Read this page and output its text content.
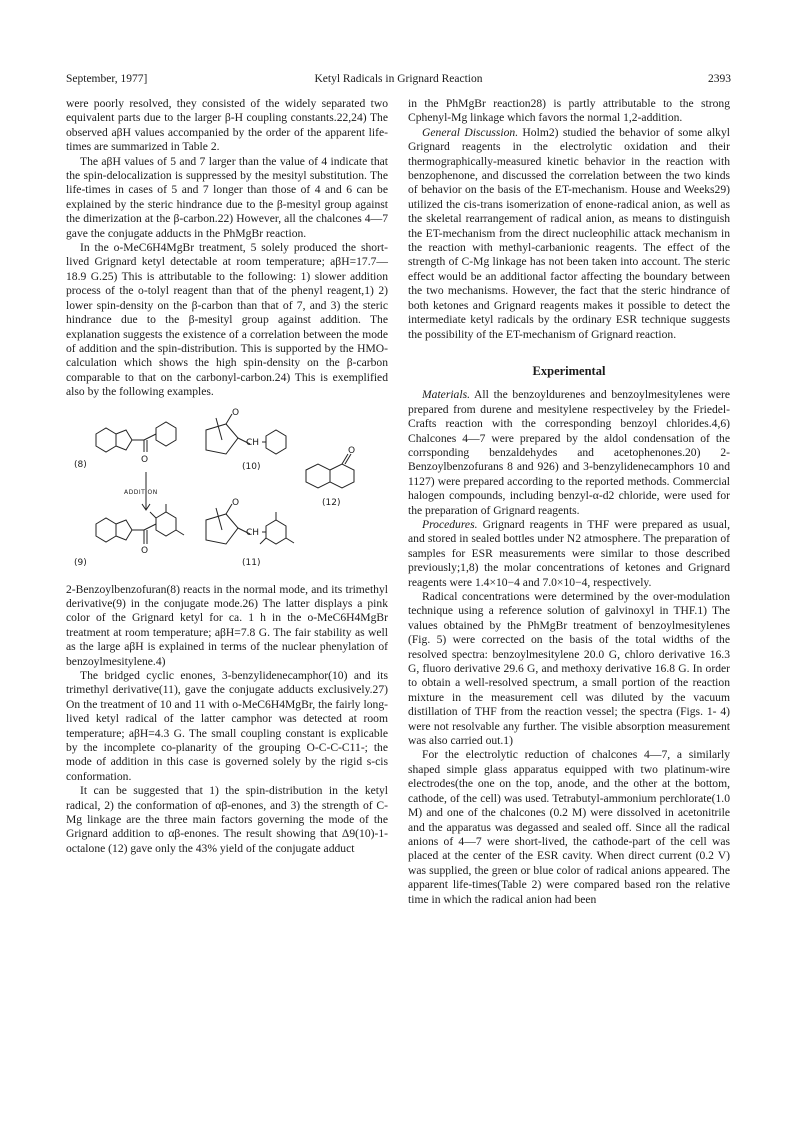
September, 1977]	Ketyl Radicals in Grignard Reaction	2393

were poorly resolved, they consisted of the widely separated two equivalent parts due to the larger β-H coupling constants.22,24) The observed aβH values accompanied by the order of the apparent life-times are summarized in Table 2.

The aβH values of 5 and 7 larger than the value of 4 indicate that the spin-delocalization is suppressed by the mesityl substitution. The life-times in cases of 5 and 7 longer than those of 4 and 6 can be explained by the steric hindrance due to the β-mesityl group against the dimerization at the β-carbon.22) However, all the chalcones 4—7 gave the conjugate adducts in the PhMgBr reaction.

In the o-MeC6H4MgBr treatment, 5 solely produced the short-lived Grignard ketyl detectable at room temperature; aβH=17.7—18.9 G.25) This is attributable to the following: 1) slower addition process of the o-tolyl reagent than that of the phenyl reagent,1) 2) lower spin-density on the β-carbon than that of 7, and 3) the steric hindrance due to the β-mesityl group against addition. The explanation suggests the existence of a correlation between the mode of addition and the spin-distribution. This is supported by the HMO-calculation which shows the high spin-density on the β-carbon comparable to that on the carbonyl-carbon.24) This is exemplified also by the following examples.

(8)	(10)
(12)
(9)	(11)
ADDITION
O
O
O
O
O
CH
CH

2-Benzoylbenzofuran(8) reacts in the normal mode, and its trimethyl derivative(9) in the conjugate mode.26) The latter displays a pink color of the Grignard ketyl for ca. 1 h in the o-MeC6H4MgBr treatment at room temperature; aβH=7.8 G. The fair stability as well as the large aβH is explained in terms of the nuclear phenylation of benzoylmesitylene.4)

The bridged cyclic enones, 3-benzylidenecamphor(10) and its trimethyl derivative(11), gave the conjugate adducts exclusively.27) On the treatment of 10 and 11 with o-MeC6H4MgBr, the fairly long-lived ketyl radical of the latter camphor was detected at room temperature; aβH=4.3 G. The small coupling constant is explicable by the incomplete co-planarity of the grouping O-C-C-C11-; the mode of addition in this case is governed solely by the rigid s-cis conformation.

It can be suggested that 1) the spin-distribution in the ketyl radical, 2) the conformation of αβ-enones, and 3) the strength of C-Mg linkage are the three main factors governing the mode of the Grignard addition to αβ-enones. The result showing that Δ9(10)-1-octalone (12) gave only the 43% yield of the conjugate adduct

in the PhMgBr reaction28) is partly attributable to the strong Cphenyl-Mg linkage which favors the normal 1,2-addition.

General Discussion. Holm2) studied the behavior of some alkyl Grignard reagents in the electrolytic oxidation and their thermographically-measured kinetic behavior in the reaction with benzophenone, and discussed the correlation between the two kinds of behavior on the basis of the ET-mechanism. House and Weeks29) utilized the cis-trans isomerization of enone-radical anion, as well as the skeletal rearrangement of radical anion, as means to distinguish the ET-mechanism from the direct nucleophilic attack mechanism in the reaction with methyl-carbanionic reagents. The effect of the strength of C-Mg linkage has not been taken into account. The steric effect would be an additional factor affecting the boundary between the two mechanisms. However, the fact that the steric hindrance of both ketones and Grignard reagents makes it possible to detect the intermediate ketyl radicals by the ordinary ESR technique suggests the possibility of the ET-mechanism of Grignard reaction.

Experimental

Materials. All the benzoyldurenes and benzoylmesitylenes were prepared from durene and mesitylene respectiveley by the Friedel-Crafts reaction with the corresponding benzoyl chlorides.4,6) Chalcones 4—7 were prepared by the aldol condensation of the corrsponding benzaldehydes and acetophenones.20) 2-Benzoylbenzofurans 8 and 926) and 3-benzylidenecamphors 10 and 1127) were prepared according to the reported methods. Commercial halogen compounds, including benzyl-α-d2 chloride, were used for the preparation of Grignard reagents.

Procedures. Grignard reagents in THF were prepared as usual, and stored in sealed bottles under N2 atmosphere. The preparation of samples for ESR measurements were similar to those described previously;1,8) the molar concentrations of ketones and Grignard reagents were 1.4×10−4 and 7.0×10−4, respectively.

Radical concentrations were determined by the over-modulation technique using a reference solution of galvinoxyl in THF.1) The values obtained by the PhMgBr treatment of benzoylmesitylenes (Fig. 5) were corrected on the basis of the total widths of the resolved spectra: benzoylmesitylene 20.0 G, chloro derivative 16.3 G, fluoro derivative 29.6 G, and methoxy derivative 16.8 G. In order to obtain a well-resolved spectrum, a small portion of the reaction mixture in the measurement cell was diluted by the vacuum distillation of THF from the reaction vessel; the spectra (Figs. 1- 4) were not resolvable any further. The visible absorption measurement was also carried out.1)

For the electrolytic reduction of chalcones 4—7, a similarly shaped simple glass apparatus equipped with two platinum-wire electrodes(the one on the top, anode, and the other at the bottom, cathode, of the cell) was used. Tetrabutyl-ammonium perchlorate(1.0 M) and one of the chalcones (0.2 M) were dissolved in acetonitrile and the apparatus was degassed and sealed off. Since all the radical anions of 4—7 were short-lived, the cathode-part of the cell was placed at the center of the ESR cavity. When direct current (0.2 V) was supplied, the green or blue color of radical anions appeared. The apparent life-times(Table 2) were compared based ron the relative time in which the radical anion had been
